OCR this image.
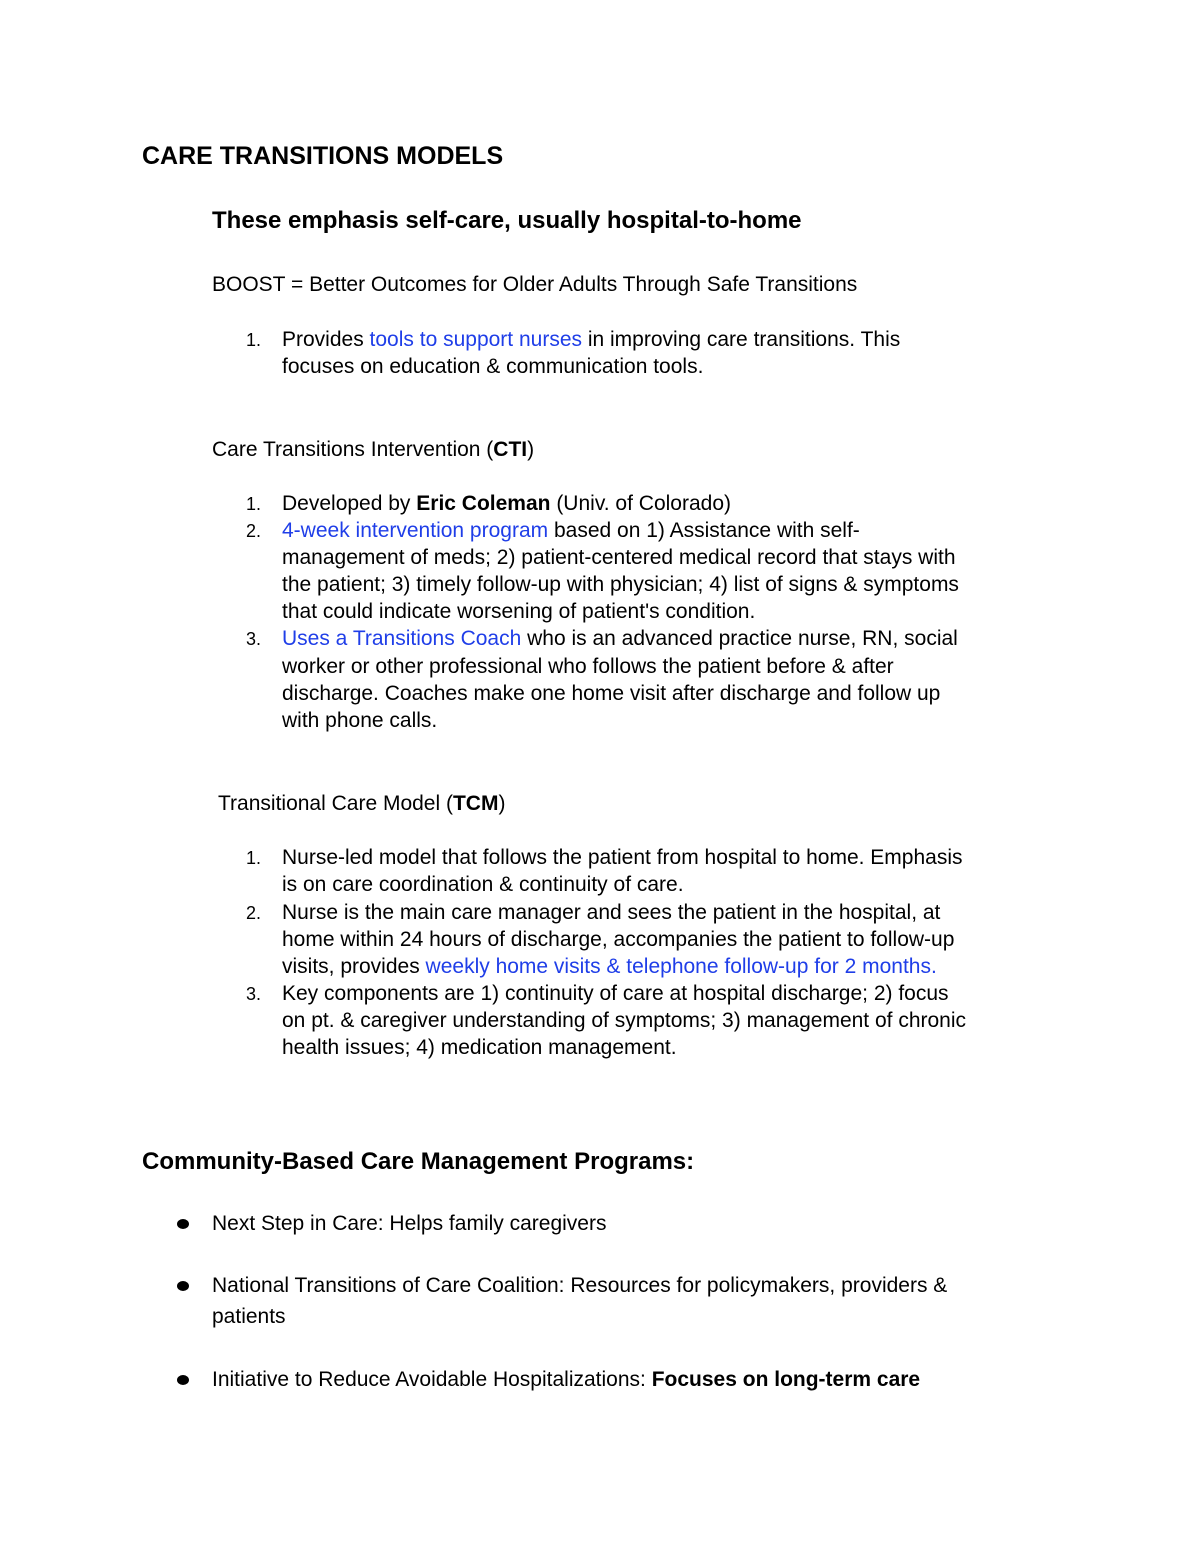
CARE TRANSITIONS MODELS
These emphasis self-care, usually hospital-to-home
BOOST = Better Outcomes for Older Adults Through Safe Transitions
1. Provides tools to support nurses in improving care transitions. This
focuses on education & communication tools.
Care Transitions Intervention (CTI)
1. Developed by Eric Coleman (Univ. of Colorado)
2. 4-week intervention program based on 1) Assistance with self-
management of meds; 2) patient-centered medical record that stays with
the patient; 3) timely follow-up with physician; 4) list of signs & symptoms
that could indicate worsening of patient's condition.
3. Uses a Transitions Coach who is an advanced practice nurse, RN, social
worker or other professional who follows the patient before & after
discharge. Coaches make one home visit after discharge and follow up
with phone calls.
Transitional Care Model (TCM)
1. Nurse-led model that follows the patient from hospital to home. Emphasis
is on care coordination & continuity of care.
2. Nurse is the main care manager and sees the patient in the hospital, at
home within 24 hours of discharge, accompanies the patient to follow-up
visits, provides weekly home visits & telephone follow-up for 2 months.
3. Key components are 1) continuity of care at hospital discharge; 2) focus
on pt. & caregiver understanding of symptoms; 3) management of chronic
health issues; 4) medication management.
Community-Based Care Management Programs:
Next Step in Care: Helps family caregivers
National Transitions of Care Coalition: Resources for policymakers, providers &
patients
Initiative to Reduce Avoidable Hospitalizations: Focuses on long-term care
